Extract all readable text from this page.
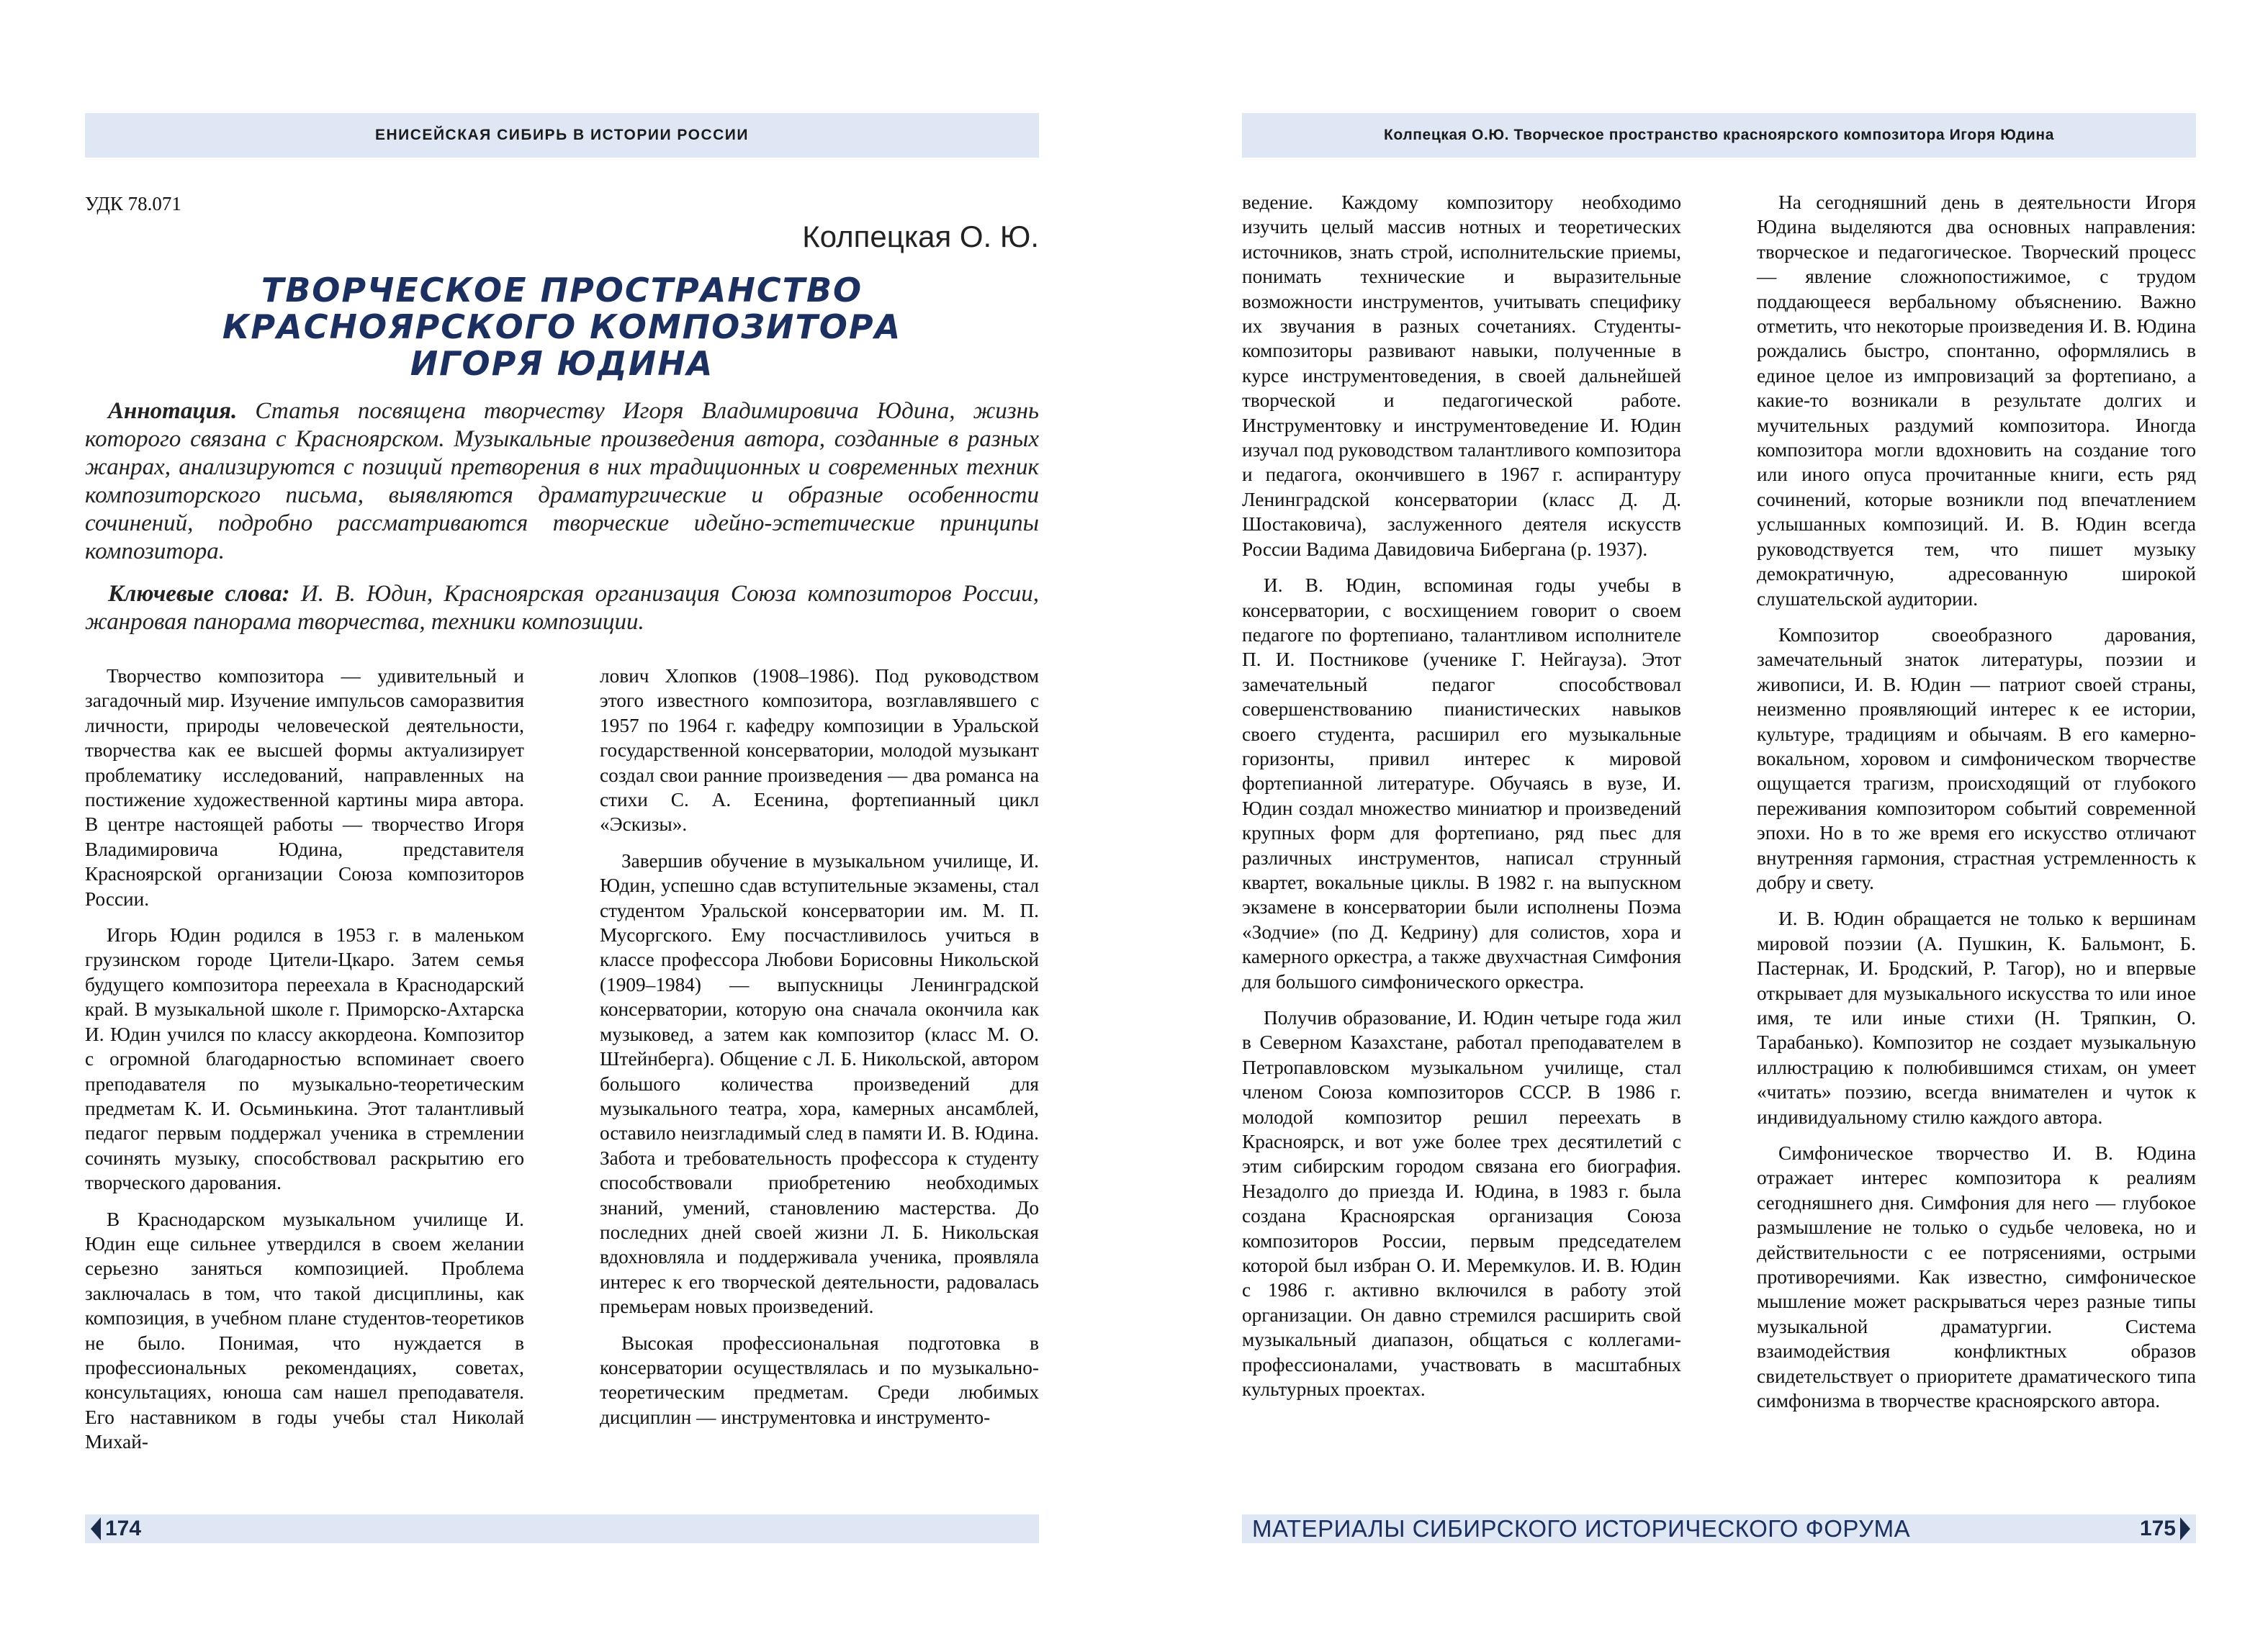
ЕНИСЕЙСКАЯ СИБИРЬ В ИСТОРИИ РОССИИ
УДК 78.071
Колпецкая О. Ю.
ТВОРЧЕСКОЕ ПРОСТРАНСТВО
КРАСНОЯРСКОГО КОМПОЗИТОРА
ИГОРЯ ЮДИНА

Аннотация. Статья посвящена творчеству Игоря Владимировича Юдина, жизнь которого связана с Красноярском. Музыкальные произведения автора, созданные в разных жанрах, анализируются с позиций претворения в них традиционных и современных техник композиторского письма, выявляются драматургические и образные особенности сочинений, подробно рассматриваются творческие идейно-эстетические принципы композитора.

Ключевые слова: И. В. Юдин, Красноярская организация Союза композиторов России, жанровая панорама творчества, техники композиции.

Творчество композитора — удивительный и загадочный мир. Изучение импульсов саморазвития личности, природы человеческой деятельности, творчества как ее высшей формы актуализирует проблематику исследований, направленных на постижение художественной картины мира автора. В центре настоящей работы — творчество Игоря Владимировича Юдина, представителя Красноярской организации Союза композиторов России.

Игорь Юдин родился в 1953 г. в маленьком грузинском городе Цители-Цкаро. Затем семья будущего композитора переехала в Краснодарский край. В музыкальной школе г. Приморско-Ахтарска И. Юдин учился по классу аккордеона. Композитор с огромной благодарностью вспоминает своего преподавателя по музыкально-теоретическим предметам К. И. Осьминькина. Этот талантливый педагог первым поддержал ученика в стремлении сочинять музыку, способствовал раскрытию его творческого дарования.

В Краснодарском музыкальном училище И. Юдин еще сильнее утвердился в своем желании серьезно заняться композицией. Проблема заключалась в том, что такой дисциплины, как композиция, в учебном плане студентов-теоретиков не было. Понимая, что нуждается в профессиональных рекомендациях, советах, консультациях, юноша сам нашел преподавателя. Его наставником в годы учебы стал Николай Михай-

лович Хлопков (1908–1986). Под руководством этого известного композитора, возглавлявшего с 1957 по 1964 г. кафедру композиции в Уральской государственной консерватории, молодой музыкант создал свои ранние произведения — два романса на стихи С. А. Есенина, фортепианный цикл «Эскизы».

Завершив обучение в музыкальном училище, И. Юдин, успешно сдав вступительные экзамены, стал студентом Уральской консерватории им. М. П. Мусоргского. Ему посчастливилось учиться в классе профессора Любови Борисовны Никольской (1909–1984) — выпускницы Ленинградской консерватории, которую она сначала окончила как музыковед, а затем как композитор (класс М. О. Штейнберга). Общение с Л. Б. Никольской, автором большого количества произведений для музыкального театра, хора, камерных ансамблей, оставило неизгладимый след в памяти И. В. Юдина. Забота и требовательность профессора к студенту способствовали приобретению необходимых знаний, умений, становлению мастерства. До последних дней своей жизни Л. Б. Никольская вдохновляла и поддерживала ученика, проявляла интерес к его творческой деятельности, радовалась премьерам новых произведений.

Высокая профессиональная подготовка в консерватории осуществлялась и по музыкально-теоретическим предметам. Среди любимых дисциплин — инструментовка и инструменто-

174
Колпецкая О.Ю. Творческое пространство красноярского композитора Игоря Юдина

ведение. Каждому композитору необходимо изучить целый массив нотных и теоретических источников, знать строй, исполнительские приемы, понимать технические и выразительные возможности инструментов, учитывать специфику их звучания в разных сочетаниях. Студенты-композиторы развивают навыки, полученные в курсе инструментоведения, в своей дальнейшей творческой и педагогической работе. Инструментовку и инструментоведение И. Юдин изучал под руководством талантливого композитора и педагога, окончившего в 1967 г. аспирантуру Ленинградской консерватории (класс Д. Д. Шостаковича), заслуженного деятеля искусств России Вадима Давидовича Бибергана (р. 1937).

И. В. Юдин, вспоминая годы учебы в консерватории, с восхищением говорит о своем педагоге по фортепиано, талантливом исполнителе П. И. Постникове (ученике Г. Нейгауза). Этот замечательный педагог способствовал совершенствованию пианистических навыков своего студента, расширил его музыкальные горизонты, привил интерес к мировой фортепианной литературе. Обучаясь в вузе, И. Юдин создал множество миниатюр и произведений крупных форм для фортепиано, ряд пьес для различных инструментов, написал струнный квартет, вокальные циклы. В 1982 г. на выпускном экзамене в консерватории были исполнены Поэма «Зодчие» (по Д. Кедрину) для солистов, хора и камерного оркестра, а также двухчастная Симфония для большого симфонического оркестра.

Получив образование, И. Юдин четыре года жил в Северном Казахстане, работал преподавателем в Петропавловском музыкальном училище, стал членом Союза композиторов СССР. В 1986 г. молодой композитор решил переехать в Красноярск, и вот уже более трех десятилетий с этим сибирским городом связана его биография. Незадолго до приезда И. Юдина, в 1983 г. была создана Красноярская организация Союза композиторов России, первым председателем которой был избран О. И. Меремкулов. И. В. Юдин с 1986 г. активно включился в работу этой организации. Он давно стремился расширить свой музыкальный диапазон, общаться с коллегами-профессионалами, участвовать в масштабных культурных проектах.

На сегодняшний день в деятельности Игоря Юдина выделяются два основных направления: творческое и педагогическое. Творческий процесс — явление сложнопостижимое, с трудом поддающееся вербальному объяснению. Важно отметить, что некоторые произведения И. В. Юдина рождались быстро, спонтанно, оформлялись в единое целое из импровизаций за фортепиано, а какие-то возникали в результате долгих и мучительных раздумий композитора. Иногда композитора могли вдохновить на создание того или иного опуса прочитанные книги, есть ряд сочинений, которые возникли под впечатлением услышанных композиций. И. В. Юдин всегда руководствуется тем, что пишет музыку демократичную, адресованную широкой слушательской аудитории.

Композитор своеобразного дарования, замечательный знаток литературы, поэзии и живописи, И. В. Юдин — патриот своей страны, неизменно проявляющий интерес к ее истории, культуре, традициям и обычаям. В его камерно-вокальном, хоровом и симфоническом творчестве ощущается трагизм, происходящий от глубокого переживания композитором событий современной эпохи. Но в то же время его искусство отличают внутренняя гармония, страстная устремленность к добру и свету.

И. В. Юдин обращается не только к вершинам мировой поэзии (А. Пушкин, К. Бальмонт, Б. Пастернак, И. Бродский, Р. Тагор), но и впервые открывает для музыкального искусства то или иное имя, те или иные стихи (Н. Тряпкин, О. Тарабанько). Композитор не создает музыкальную иллюстрацию к полюбившимся стихам, он умеет «читать» поэзию, всегда внимателен и чуток к индивидуальному стилю каждого автора.

Симфоническое творчество И. В. Юдина отражает интерес композитора к реалиям сегодняшнего дня. Симфония для него — глубокое размышление не только о судьбе человека, но и действительности с ее потрясениями, острыми противоречиями. Как известно, симфоническое мышление может раскрываться через разные типы музыкальной драматургии. Система взаимодействия конфликтных образов свидетельствует о приоритете драматического типа симфонизма в творчестве красноярского автора.

МАТЕРИАЛЫ СИБИРСКОГО ИСТОРИЧЕСКОГО ФОРУМА	175
